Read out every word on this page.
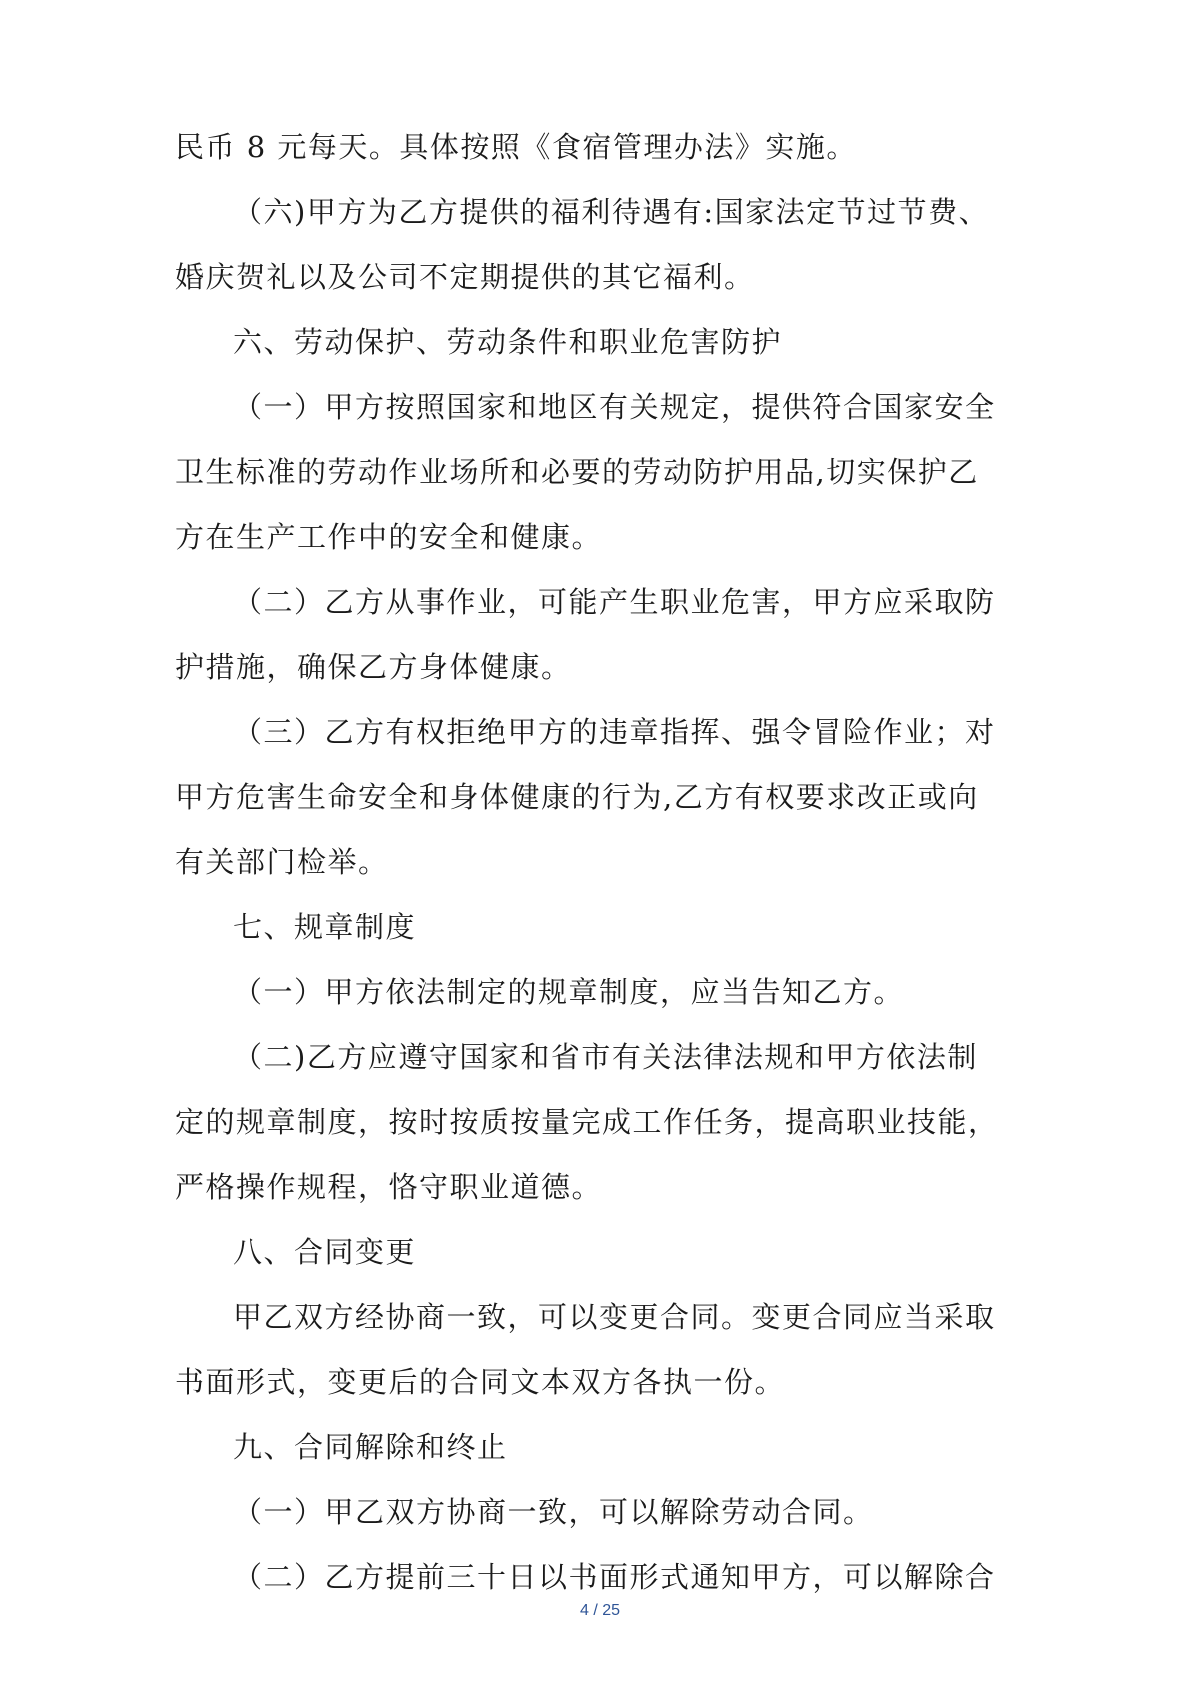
民币 8 元每天。具体按照《食宿管理办法》实施。
（六)甲方为乙方提供的福利待遇有:国家法定节过节费、
婚庆贺礼以及公司不定期提供的其它福利。
六、劳动保护、劳动条件和职业危害防护
（一）甲方按照国家和地区有关规定，提供符合国家安全
卫生标准的劳动作业场所和必要的劳动防护用品,切实保护乙
方在生产工作中的安全和健康。
（二）乙方从事作业，可能产生职业危害，甲方应采取防
护措施，确保乙方身体健康。
（三）乙方有权拒绝甲方的违章指挥、强令冒险作业；对
甲方危害生命安全和身体健康的行为,乙方有权要求改正或向
有关部门检举。
七、规章制度
（一）甲方依法制定的规章制度，应当告知乙方。
（二)乙方应遵守国家和省市有关法律法规和甲方依法制
定的规章制度，按时按质按量完成工作任务，提高职业技能，
严格操作规程，恪守职业道德。
八、合同变更
甲乙双方经协商一致，可以变更合同。变更合同应当采取
书面形式，变更后的合同文本双方各执一份。
九、合同解除和终止
（一）甲乙双方协商一致，可以解除劳动合同。
（二）乙方提前三十日以书面形式通知甲方，可以解除合
4 / 25
